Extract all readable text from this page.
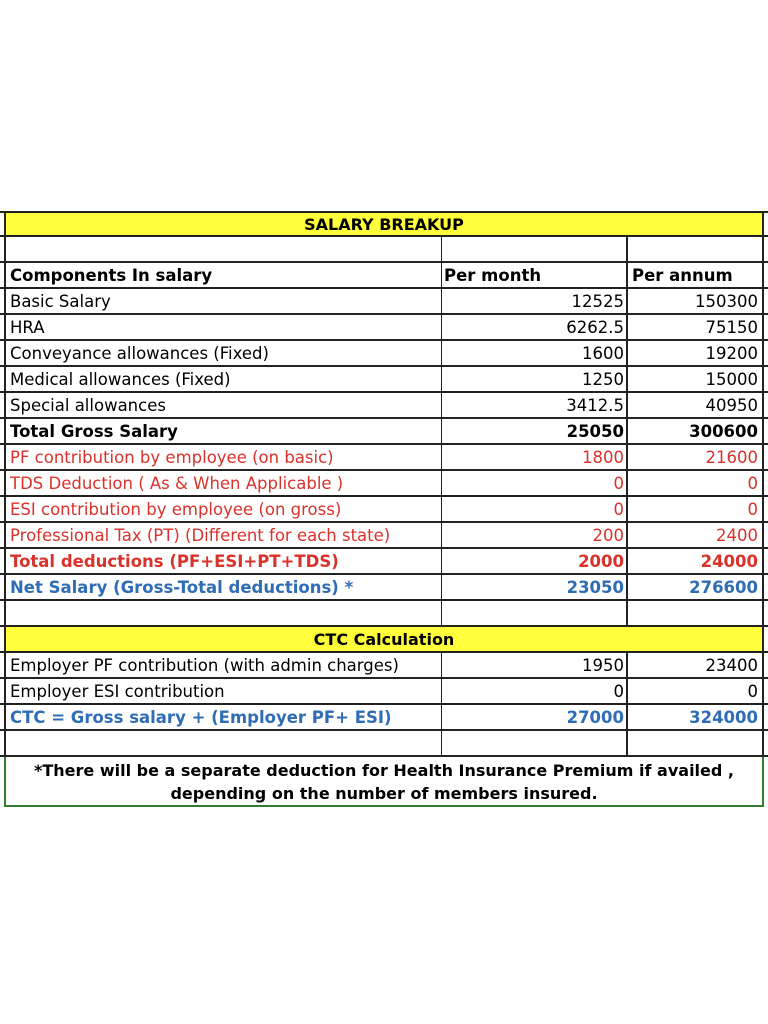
SALARY BREAKUP
Components In salary	Per month	Per annum
Basic Salary	12525	150300
HRA	6262.5	75150
Conveyance allowances (Fixed)	1600	19200
Medical allowances (Fixed)	1250	15000
Special allowances	3412.5	40950
Total Gross Salary	25050	300600
PF contribution by employee (on basic)	1800	21600
TDS Deduction ( As & When Applicable )	0	0
ESI contribution by employee (on gross)	0	0
Professional Tax (PT) (Different for each state)	200	2400
Total deductions (PF+ESI+PT+TDS)	2000	24000
Net Salary (Gross-Total deductions) *	23050	276600
CTC Calculation
Employer PF contribution (with admin charges)	1950	23400
Employer ESI contribution	0	0
CTC = Gross salary + (Employer PF+ ESI)	27000	324000
*There will be a separate deduction for Health Insurance Premium if availed ,
depending on the number of members insured.
